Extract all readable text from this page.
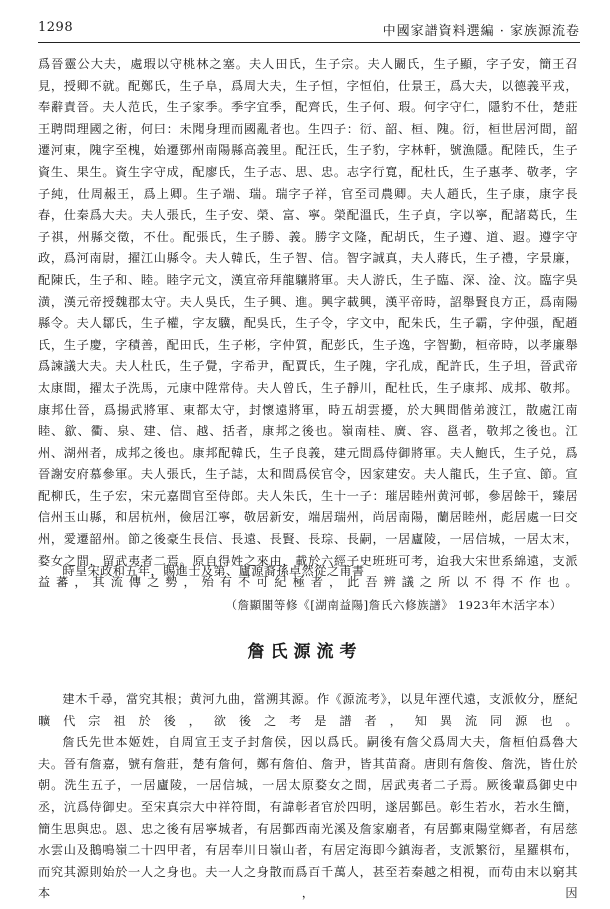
1298	中國家譜資料選編 · 家族源流卷

爲晉靈公大夫，處瑕以守桃林之塞。夫人田氏，生子宗。夫人闞氏，生子顯，字子安，簡王召見，授卿不就。配鄭氏，生子阜，爲周大夫，生子恒，字恒伯，仕景王，爲大夫，以德義平戎，奉辭責晉。夫人范氏，生子家季。季字宜季，配齊氏，生子何、瑕。何字守仁，隱豹不仕，楚莊王聘問理國之術，何曰：未聞身理而國亂者也。生四子：衍、韶、桓、隗。衍，桓世居河間，韶遷河東，隗字至槐，始遷鄧州南陽縣高義里。配汪氏，生子豹，字林軒，號漁隱。配陸氏，生子資生、果生。資生字守成，配廖氏，生子志、思、忠。志字行寬，配杜氏，生子惠孝、敬孝，字子純，仕周赧王，爲上卿。生子端、瑞。瑞字子祥，官至司農卿。夫人趙氏，生子康，康字長春，仕秦爲大夫。夫人張氏，生子安、榮、富、寧。榮配溫氏，生子貞，字以寧，配諸葛氏，生子祺，州縣交徵，不仕。配張氏，生子勝、義。勝字文隆，配胡氏，生子遵、道、遐。遵字守政，爲河南尉，擢江山縣令。夫人韓氏，生子智、信。智字誠真，夫人蔣氏，生子禮，字景廉，配陳氏，生子和、睦。睦字元文，漢宣帝拜龍驤將軍。夫人游氏，生子臨、深、淦、汶。臨字吳潢，漢元帝授魏郡太守。夫人吳氏，生子興、進。興字載興，漢平帝時，詔舉賢良方正，爲南陽縣令。夫人鄒氏，生子權，字友驥，配吳氏，生子令，字文中，配朱氏，生子霸，字仲强，配趙氏，生子慶，字積善，配田氏，生子彬，字仲質，配彭氏，生子逸，字智勤，桓帝時，以孝廉舉爲諫議大夫。夫人杜氏，生子覺，字希尹，配賈氏，生子隗，字孔成，配許氏，生子坦，晉武帝太康間，擢太子洗馬，元康中陞常侍。夫人曾氏，生子靜川，配杜氏，生子康邦、成邦、敬邦。康邦仕晉，爲揚武將軍、東都太守，封懷遠將軍，時五胡雲擾，於大興間偕弟渡江，散處江南睦、歙、衢、泉、建、信、越、括者，康邦之後也。嶺南桂、廣、容、邕者，敬邦之後也。江州、湖州者，成邦之後也。康邦配韓氏，生子良義，建元間爲侍御將軍。夫人鮑氏，生子兑，爲晉謝安府慕參軍。夫人張氏，生子誌，太和間爲侯官令，因家建安。夫人龍氏，生子宣、節。宣配柳氏，生子宏，宋元嘉間官至侍郎。夫人朱氏，生十一子：璀居睦州黄河邨，參居餘干，臻居信州玉山縣，和居杭州，儉居江寧，敬居新安，端居瑞州，尚居南陽，蘭居睦州，彪居處一曰交州，愛遷韶州。節之後豪生長信、長遠、長賢、長琮、長嗣，一居廬陵，一居信城，一居太末，婺女之間，留武夷者二焉。原自得姓之來由，載於六經子史班班可考，迨我大宋世系綿遠，支派益蕃，其流傳之勢，殆有不可紀極者，此吾辨議之所以不得不作也。

時皇宋政和五年，賜進士及第、廬源裔孫卓然從之甫書
（詹顯閣等修《[湖南益陽]詹氏六修族譜》 1923年木活字本）
詹氏源流考

建木千尋，當究其根；黄河九曲，當溯其源。作《源流考》，以見年湮代遠，支派攸分，歷紀曠代宗祖於後，欲後之考是譜者，知異流同源也。

詹氏先世本姬姓，自周宣王支子封詹侯，因以爲氏。嗣後有詹父爲周大夫，詹桓伯爲魯大夫。晉有詹嘉，號有詹莊，楚有詹何，鄭有詹伯、詹尹，皆其苗裔。唐則有詹俊、詹洗，皆仕於朝。洗生五子，一居廬陵，一居信城，一居太原婺女之間，居武夷者二子焉。厥後輩爲御史中丞，沆爲侍御史。至宋真宗大中祥符間，有諱彰者官於四明，遂居鄞邑。彰生若水，若水生簡，簡生思與忠。恩、忠之後有居寧城者，有居鄞西南光溪及詹家廟者，有居鄞東陽堂鄉者，有居慈水雲山及鵝鳴嶺二十四甲者，有居奉川日嶺山者，有居定海即今鎮海者，支派繁衍，星羅棋布，而究其源則始於一人之身也。夫一人之身散而爲百千萬人，甚至若秦越之相視，而苟由末以窮其本，因
